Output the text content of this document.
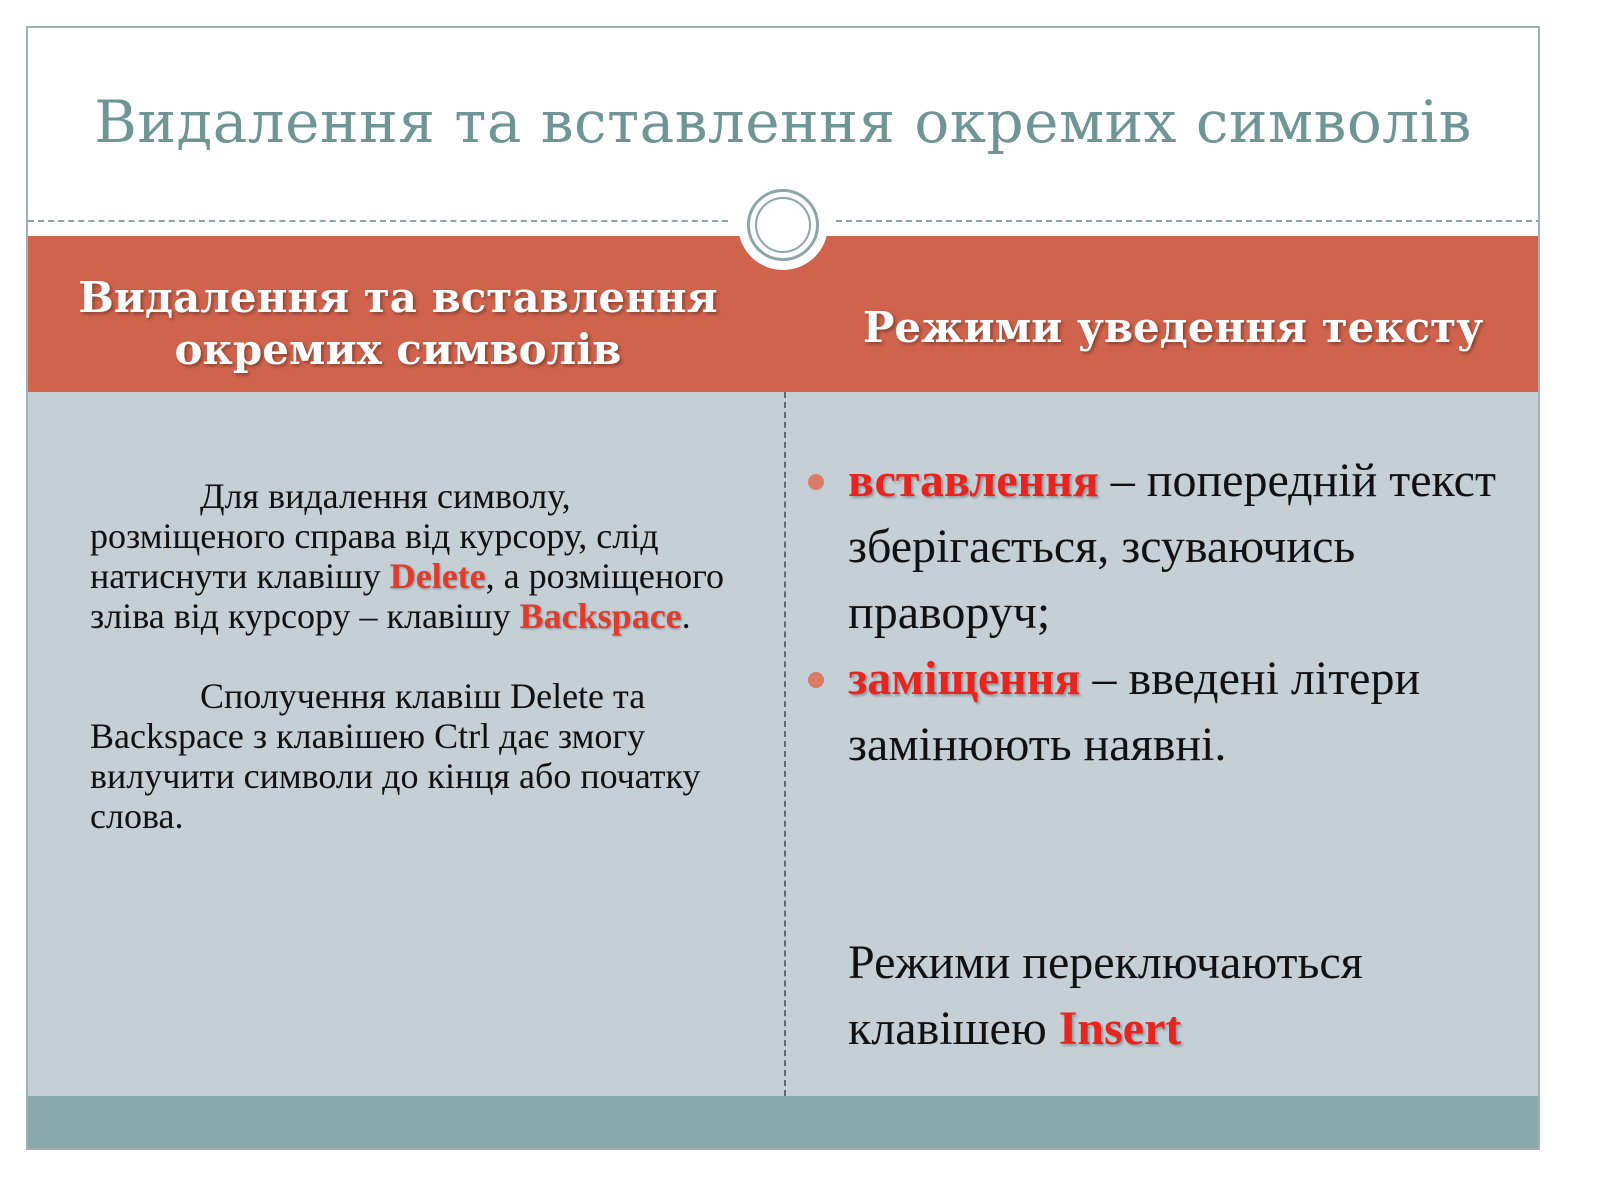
Видалення та вставлення окремих символів
Видалення та вставлення окремих символів	Режими уведення тексту

Для видалення символу, розміщеного справа від курсору, слід натиснути клавішу Delete, а розміщеного зліва від курсору – клавішу Backspace.

Сполучення клавіш Delete та Backspace з клавішею Ctrl дає змогу вилучити символи до кінця або початку слова.

вставлення – попередній текст зберігається, зсуваючись праворуч;
заміщення – введені літери замінюють наявні.
Режими переключаються клавішею Insert
